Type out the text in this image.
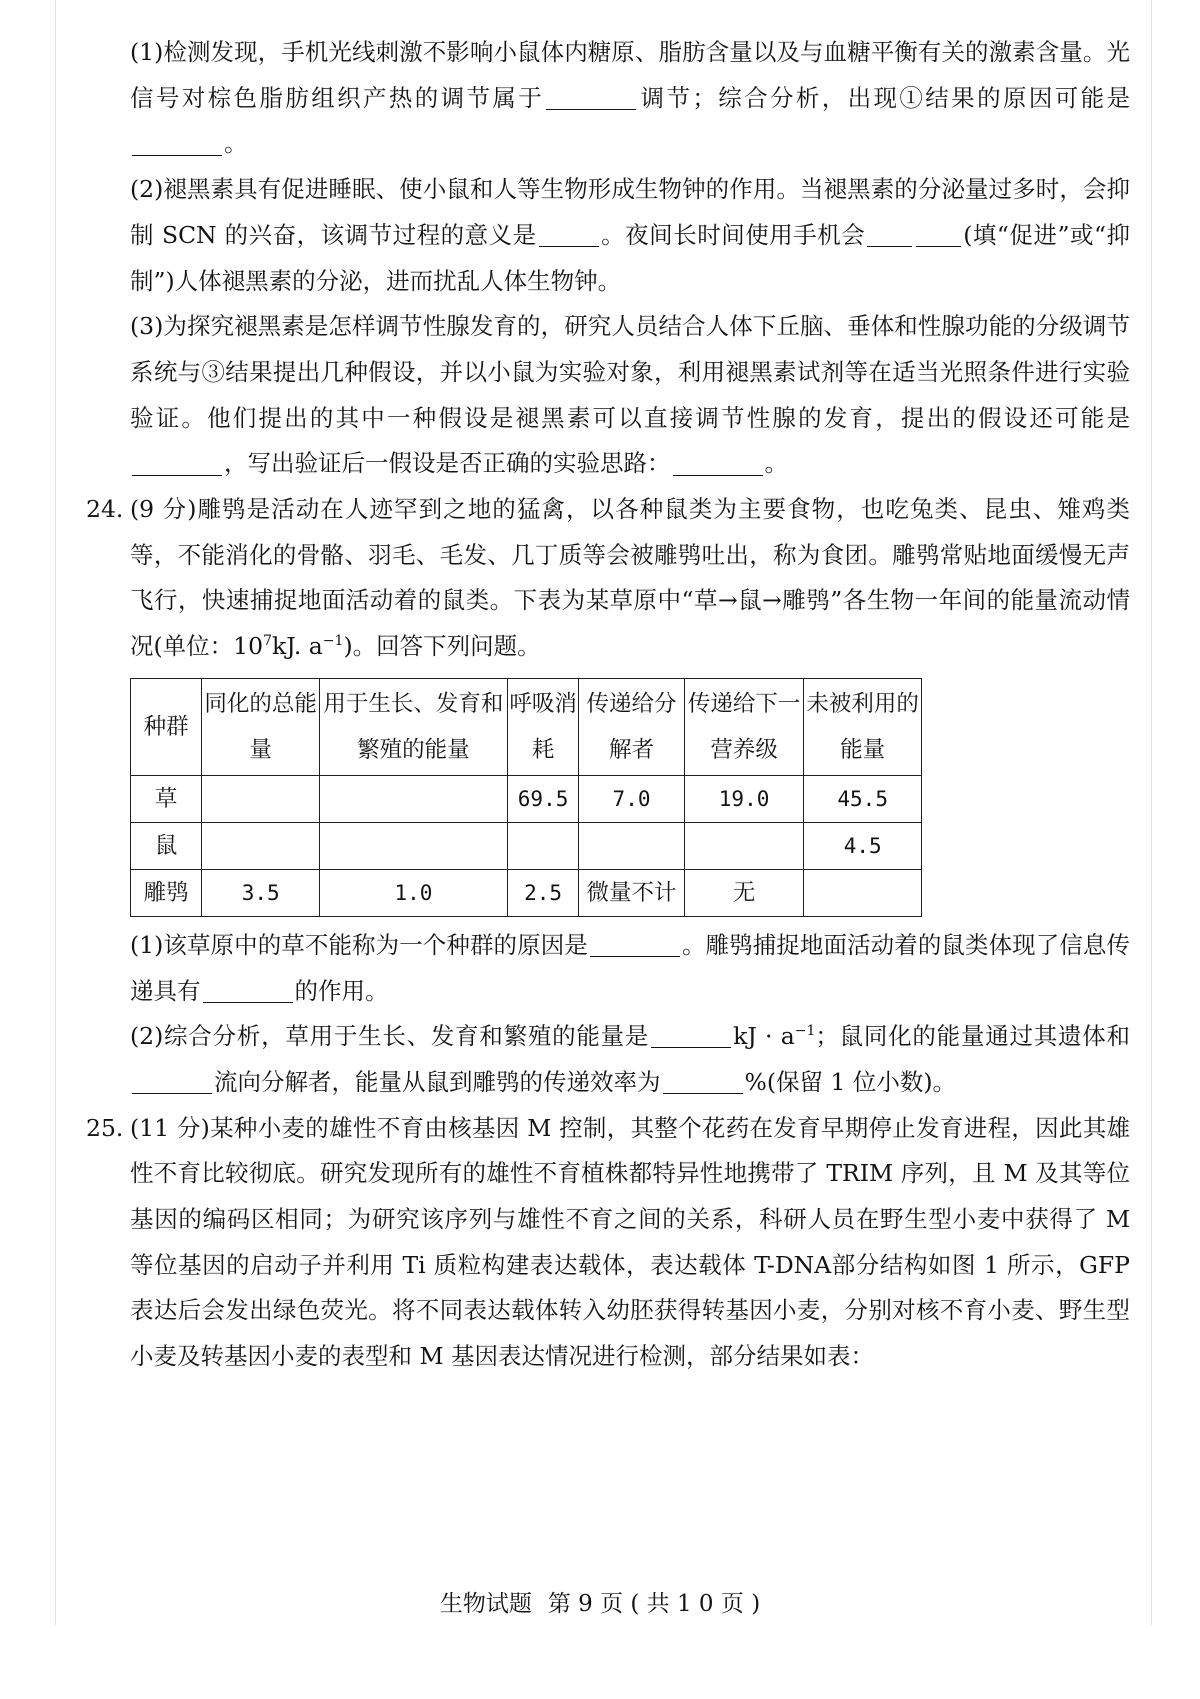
(1)检测发现，手机光线刺激不影响小鼠体内糖原、脂肪含量以及与血糖平衡有关的激素含量。光信号对棕色脂肪组织产热的调节属于	调节；综合分析，出现①结果的原因可能是。

(2)褪黑素具有促进睡眠、使小鼠和人等生物形成生物钟的作用。当褪黑素的分泌量过多时，会抑制 SCN 的兴奋，该调节过程的意义是	。夜间长时间使用手机会	(填“促进”或“抑制”)人体褪黑素的分泌，进而扰乱人体生物钟。

(3)为探究褪黑素是怎样调节性腺发育的，研究人员结合人体下丘脑、垂体和性腺功能的分级调节系统与③结果提出几种假设，并以小鼠为实验对象，利用褪黑素试剂等在适当光照条件进行实验验证。他们提出的其中一种假设是褪黑素可以直接调节性腺的发育，提出的假设还可能是，写出验证后一假设是否正确的实验思路：	。

24. (9 分)雕鸮是活动在人迹罕到之地的猛禽，以各种鼠类为主要食物，也吃兔类、昆虫、雉鸡类等，不能消化的骨骼、羽毛、毛发、几丁质等会被雕鸮吐出，称为食团。雕鸮常贴地面缓慢无声飞行，快速捕捉地面活动着的鼠类。下表为某草原中“草→鼠→雕鸮”各生物一年间的能量流动情况(单位：$10^7kJ$. $a^{-1}$)。回答下列问题。

种群	同化的总能量	用于生长、发育和繁殖的能量	呼吸消耗	传递给分解者	传递给下一营养级	未被利用的能量
草			69.5	7.0	19.0	45.5
鼠						4.5
雕鸮	3.5	1.0	2.5	微量不计	无	

(1)该草原中的草不能称为一个种群的原因是	。雕鸮捕捉地面活动着的鼠类体现了信息传递具有	的作用。

(2)综合分析，草用于生长、发育和繁殖的能量是	kJ · $a^{-1}$；鼠同化的能量通过其遗体和流向分解者，能量从鼠到雕鸮的传递效率为	%(保留 1 位小数)。

25. (11 分)某种小麦的雄性不育由核基因 M 控制，其整个花药在发育早期停止发育进程，因此其雄性不育比较彻底。研究发现所有的雄性不育植株都特异性地携带了 TRIM 序列，且 M 及其等位基因的编码区相同；为研究该序列与雄性不育之间的关系，科研人员在野生型小麦中获得了 M 等位基因的启动子并利用 Ti 质粒构建表达载体，表达载体 T-DNA部分结构如图 1 所示，GFP 表达后会发出绿色荧光。将不同表达载体转入幼胚获得转基因小麦，分别对核不育小麦、野生型小麦及转基因小麦的表型和 M 基因表达情况进行检测，部分结果如表：

生物试题 第 9 页 ( 共 1 0 页 )
